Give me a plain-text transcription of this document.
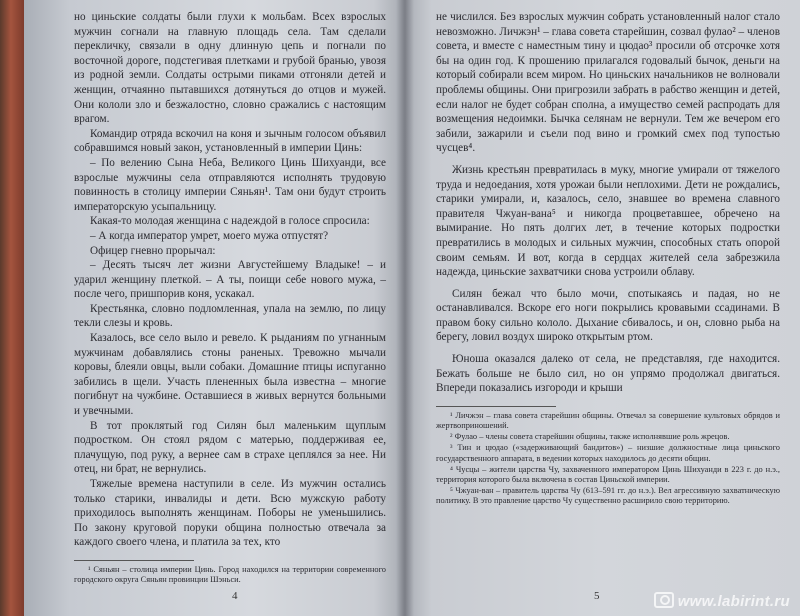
но циньские солдаты были глухи к мольбам. Всех взрослых мужчин согнали на главную площадь села. Там сделали перекличку, связали в одну длинную цепь и погнали по восточной дороге, подстегивая плетками и грубой бранью, увозя из родной земли. Солдаты острыми пиками отгоняли детей и женщин, отчаянно пытавшихся дотянуться до отцов и мужей. Они кололи зло и безжалостно, словно сражались с настоящим врагом.

Командир отряда вскочил на коня и зычным голосом объявил собравшимся новый закон, установленный в империи Цинь:

– По велению Сына Неба, Великого Цинь Шихуанди, все взрослые мужчины села отправляются исполнять трудовую повинность в столицу империи Сяньян¹. Там они будут строить императорскую усыпальницу.

Какая-то молодая женщина с надеждой в голосе спросила:

– А когда император умрет, моего мужа отпустят?

Офицер гневно прорычал:

– Десять тысяч лет жизни Августейшему Владыке! – и ударил женщину плеткой. – А ты, поищи себе нового мужа, – после чего, пришпорив коня, ускакал.

Крестьянка, словно подломленная, упала на землю, по лицу текли слезы и кровь.

Казалось, все село выло и ревело. К рыданиям по угнанным мужчинам добавлялись стоны раненых. Тревожно мычали коровы, блеяли овцы, выли собаки. Домашние птицы испуганно забились в щели. Участь плененных была известна – многие погибнут на чужбине. Оставшиеся в живых вернутся больными и увечными.

В тот проклятый год Силян был маленьким щуплым подростком. Он стоял рядом с матерью, поддерживая ее, плачущую, под руку, а вернее сам в страхе цеплялся за нее. Ни отец, ни брат, не вернулись.

Тяжелые времена наступили в селе. Из мужчин остались только старики, инвалиды и дети. Всю мужскую работу приходилось выполнять женщинам. Поборы не уменьшились. По закону круговой поруки община полностью отвечала за каждого своего члена, и платила за тех, кто

¹ Сяньян – столица империи Цинь. Город находился на территории современного городского округа Сяньян провинции Шэньси.

4

не числился. Без взрослых мужчин собрать установленный налог стало невозможно. Личжэн¹ – глава совета старейшин, созвал фулао² – членов совета, и вместе с наместным тину и цюдао³ просили об отсрочке хотя бы на один год. К прошению прилагался годовалый бычок, деньги на который собирали всем миром. Но циньских начальников не волновали проблемы общины. Они пригрозили забрать в рабство женщин и детей, если налог не будет собран сполна, а имущество семей распродать для возмещения недоимки. Бычка селянам не вернули. Тем же вечером его забили, зажарили и съели под вино и громкий смех под тупостью чусцев⁴.

Жизнь крестьян превратилась в муку, многие умирали от тяжелого труда и недоедания, хотя урожаи были неплохими. Дети не рождались, старики умирали, и, казалось, село, знавшее во времена славного правителя Чжуан-вана⁵ и никогда процветавшее, обречено на вымирание. Но пять долгих лет, в течение которых подростки превратились в молодых и сильных мужчин, способных стать опорой своим семьям. И вот, когда в сердцах жителей села забрезжила надежда, циньские захватчики снова устроили облаву.

Силян бежал что было мочи, спотыкаясь и падая, но не останавливался. Вскоре его ноги покрылись кровавыми ссадинами. В правом боку сильно кололо. Дыхание сбивалось, и он, словно рыба на берегу, ловил воздух широко открытым ртом.

Юноша оказался далеко от села, не представляя, где находится. Бежать больше не было сил, но он упрямо продолжал двигаться. Впереди показались изгороди и крыши

¹ Личжэн – глава совета старейшин общины. Отвечал за совершение культовых обрядов и жертвоприношений.

² Фулао – члены совета старейшин общины, также исполнявшие роль жрецов.

³ Тин и цюдао («задерживающий бандитов») – низшие должностные лица циньского государственного аппарата, в ведении которых находилось до десяти общин.

⁴ Чусцы – жители царства Чу, захваченного императором Цинь Шихуанди в 223 г. до н.э., территория которого была включена в состав Циньской империи.

⁵ Чжуан-ван – правитель царства Чу (613–591 гг. до н.э.). Вел агрессивную захватническую политику. В это правление царство Чу существенно расширило свою территорию.

5	www.labirint.ru
